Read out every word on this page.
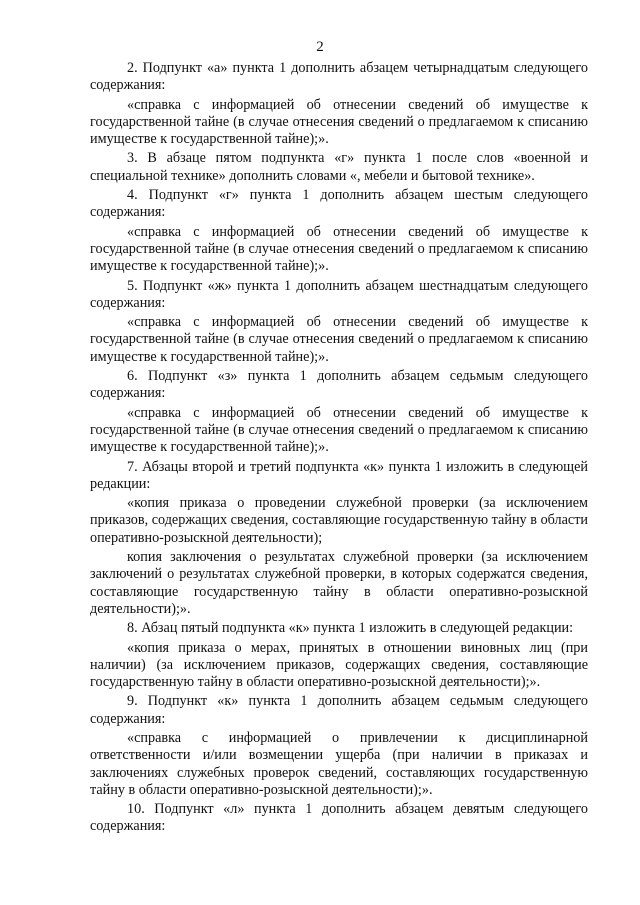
2

2. Подпункт «а» пункта 1 дополнить абзацем четырнадцатым следующего содержания:

«справка с информацией об отнесении сведений об имуществе к государственной тайне (в случае отнесения сведений о предлагаемом к списанию имуществе к государственной тайне);».

3. В абзаце пятом подпункта «г» пункта 1 после слов «военной и специальной технике» дополнить словами «, мебели и бытовой технике».

4. Подпункт «г» пункта 1 дополнить абзацем шестым следующего содержания:

«справка с информацией об отнесении сведений об имуществе к государственной тайне (в случае отнесения сведений о предлагаемом к списанию имуществе к государственной тайне);».

5. Подпункт «ж» пункта 1 дополнить абзацем шестнадцатым следующего содержания:

«справка с информацией об отнесении сведений об имуществе к государственной тайне (в случае отнесения сведений о предлагаемом к списанию имуществе к государственной тайне);».

6. Подпункт «з» пункта 1 дополнить абзацем седьмым следующего содержания:

«справка с информацией об отнесении сведений об имуществе к государственной тайне (в случае отнесения сведений о предлагаемом к списанию имуществе к государственной тайне);».

7. Абзацы второй и третий подпункта «к» пункта 1 изложить в следующей редакции:

«копия приказа о проведении служебной проверки (за исключением приказов, содержащих сведения, составляющие государственную тайну в области оперативно-розыскной деятельности);

копия заключения о результатах служебной проверки (за исключением заключений о результатах служебной проверки, в которых содержатся сведения, составляющие государственную тайну в области оперативно-розыскной деятельности);».

8. Абзац пятый подпункта «к» пункта 1 изложить в следующей редакции:

«копия приказа о мерах, принятых в отношении виновных лиц (при наличии) (за исключением приказов, содержащих сведения, составляющие государственную тайну в области оперативно-розыскной деятельности);».

9. Подпункт «к» пункта 1 дополнить абзацем седьмым следующего содержания:

«справка с информацией о привлечении к дисциплинарной ответственности и/или возмещении ущерба (при наличии в приказах и заключениях служебных проверок сведений, составляющих государственную тайну в области оперативно-розыскной деятельности);».

10. Подпункт «л» пункта 1 дополнить абзацем девятым следующего содержания:
